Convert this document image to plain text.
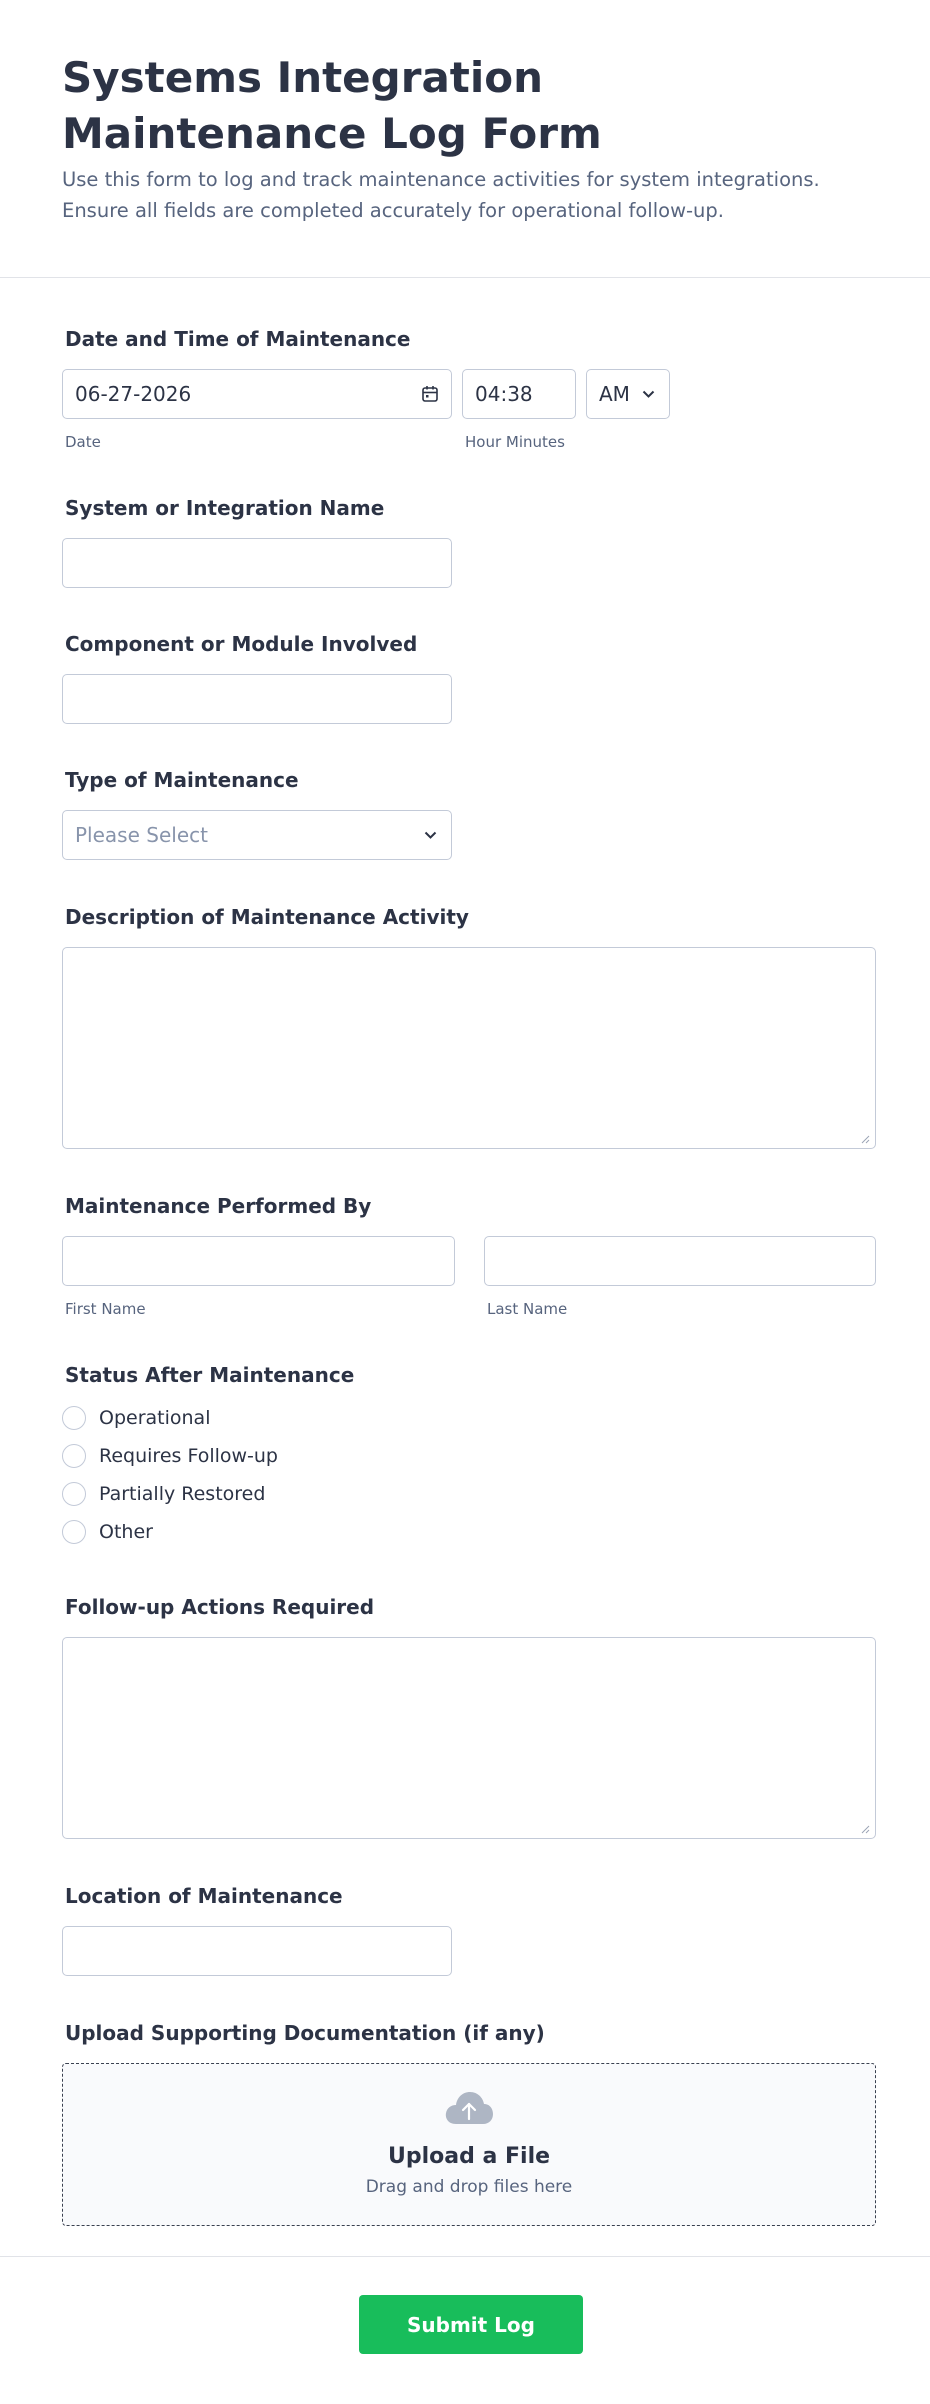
Systems Integration Maintenance Log Form

Use this form to log and track maintenance activities for system integrations. Ensure all fields are completed accurately for operational follow-up.

Date and Time of Maintenance
06-27-2026
Date
04:38	AM
Hour Minutes
System or Integration Name
Component or Module Involved
Type of Maintenance
Please Select
Description of Maintenance Activity
Maintenance Performed By
First Name	Last Name
Status After Maintenance
Operational
Requires Follow-up
Partially Restored
Other
Follow-up Actions Required
Location of Maintenance
Upload Supporting Documentation (if any)
Upload a File
Drag and drop files here
Submit Log
